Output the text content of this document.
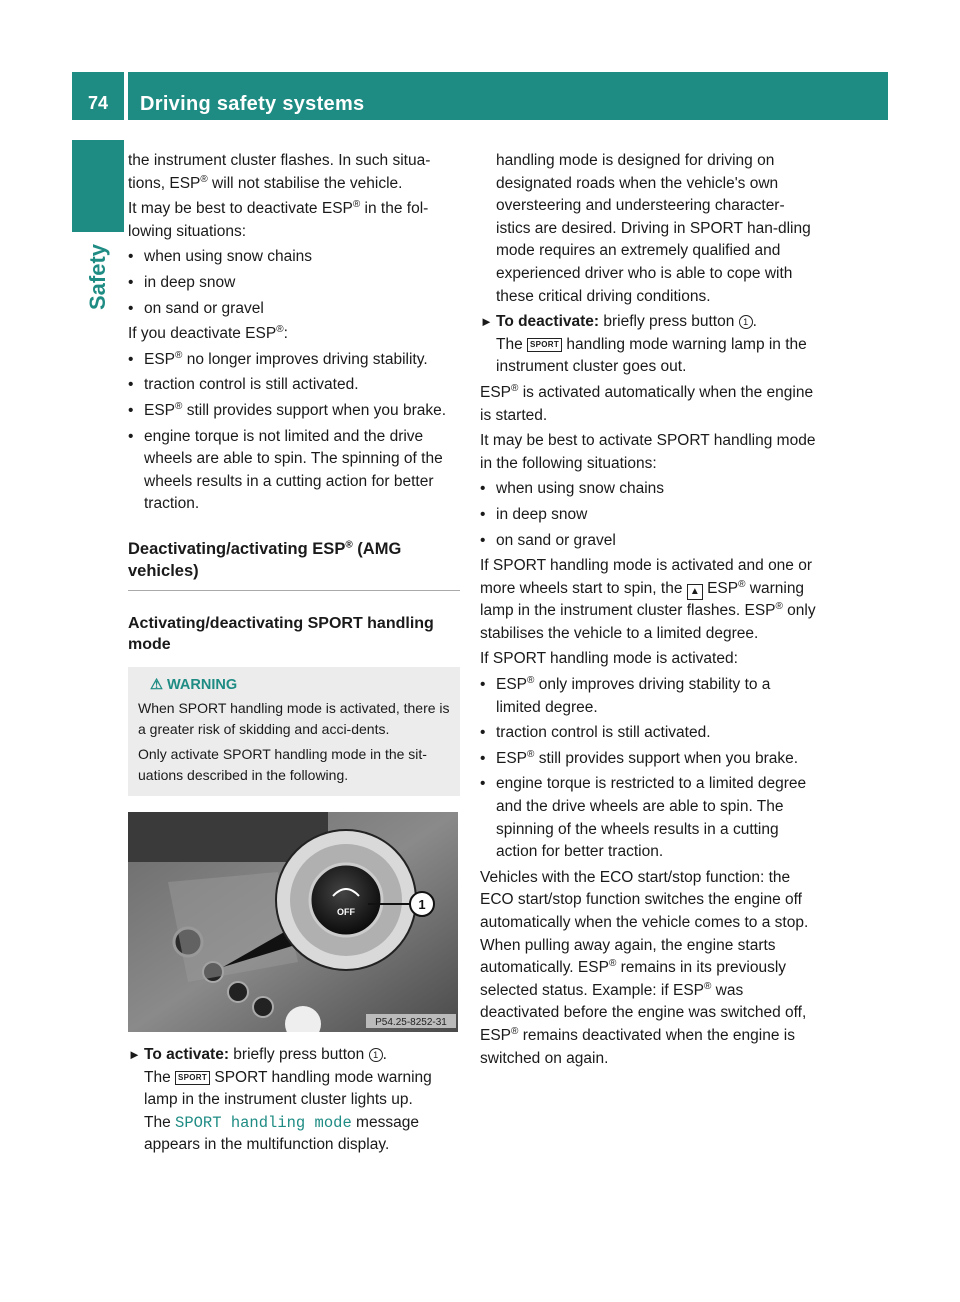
74	Driving safety systems
Safety

the instrument cluster flashes. In such situa-tions, ESP® will not stabilise the vehicle.

It may be best to deactivate ESP® in the fol-lowing situations:

• when using snow chains
• in deep snow
• on sand or gravel

If you deactivate ESP®:

• ESP® no longer improves driving stability.
• traction control is still activated.
• ESP® still provides support when you brake.
• engine torque is not limited and the drive wheels are able to spin. The spinning of the wheels results in a cutting action for better traction.
Deactivating/activating ESP® (AMG vehicles)
Activating/deactivating SPORT handling mode
⚠ WARNING

When SPORT handling mode is activated, there is a greater risk of skidding and acci-dents.

Only activate SPORT handling mode in the sit-uations described in the following.

OFF	1
P54.25-8252-31
► To activate: briefly press button 1 .
The SPORT SPORT handling mode warning lamp in the instrument cluster lights up.
The SPORT handling mode message appears in the multifunction display.

handling mode is designed for driving on designated roads when the vehicle's own oversteering and understeering character-istics are desired. Driving in SPORT han-dling mode requires an extremely qualified and experienced driver who is able to cope with these critical driving conditions.

► To deactivate: briefly press button 1 .
The SPORT handling mode warning lamp in the instrument cluster goes out.

ESP® is activated automatically when the engine is started.

It may be best to activate SPORT handling mode in the following situations:

• when using snow chains
• in deep snow
• on sand or gravel

If SPORT handling mode is activated and one or more wheels start to spin, the ▲ ESP® warning lamp in the instrument cluster flashes. ESP® only stabilises the vehicle to a limited degree.

If SPORT handling mode is activated:

• ESP® only improves driving stability to a limited degree.
• traction control is still activated.
• ESP® still provides support when you brake.
• engine torque is restricted to a limited degree and the drive wheels are able to spin. The spinning of the wheels results in a cutting action for better traction.

Vehicles with the ECO start/stop function: the ECO start/stop function switches the engine off automatically when the vehicle comes to a stop. When pulling away again, the engine starts automatically. ESP® remains in its previously selected status. Example: if ESP® was deactivated before the engine was switched off, ESP® remains deactivated when the engine is switched on again.
